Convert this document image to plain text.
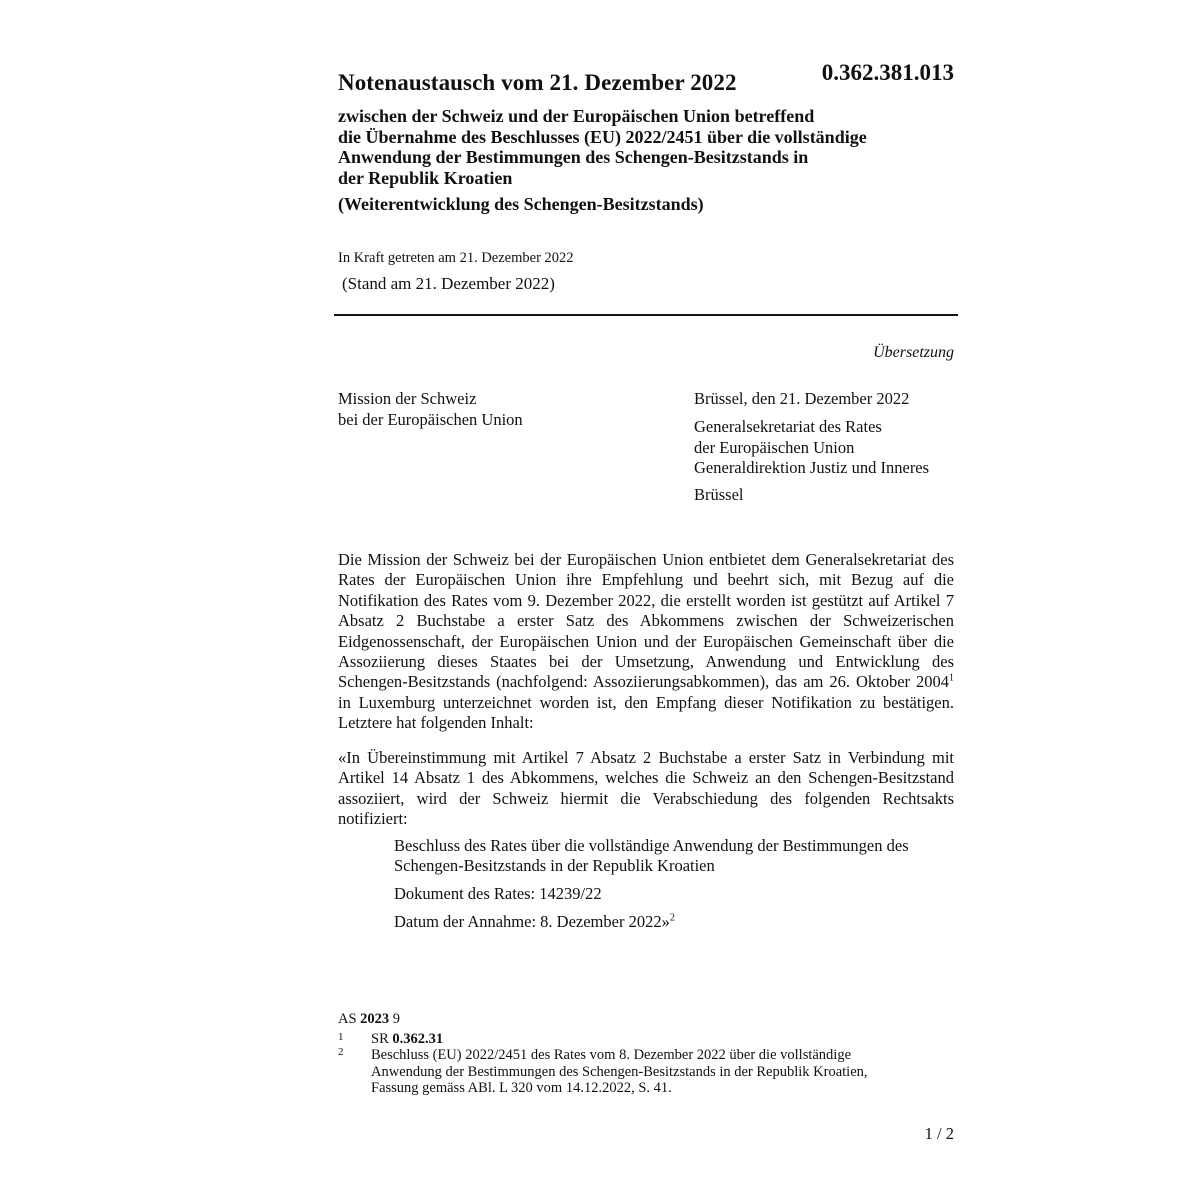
Notenaustausch vom 21. Dezember 2022	0.362.381.013
zwischen der Schweiz und der Europäischen Union betreffend
die Übernahme des Beschlusses (EU) 2022/2451 über die vollständige
Anwendung der Bestimmungen des Schengen-Besitzstands in
der Republik Kroatien
(Weiterentwicklung des Schengen-Besitzstands)
In Kraft getreten am 21. Dezember 2022
(Stand am 21. Dezember 2022)
Übersetzung
Mission der Schweiz
bei der Europäischen Union
Brüssel, den 21. Dezember 2022
Generalsekretariat des Rates
der Europäischen Union
Generaldirektion Justiz und Inneres
Brüssel
Die Mission der Schweiz bei der Europäischen Union entbietet dem Generalsekretariat des Rates der Europäischen Union ihre Empfehlung und beehrt sich, mit Bezug auf die Notifikation des Rates vom 9. Dezember 2022, die erstellt worden ist gestützt auf Artikel 7 Absatz 2 Buchstabe a erster Satz des Abkommens zwischen der Schweizerischen Eidgenossenschaft, der Europäischen Union und der Europäischen Gemeinschaft über die Assoziierung dieses Staates bei der Umsetzung, Anwendung und Entwicklung des Schengen-Besitzstands (nachfolgend: Assoziierungsabkommen), das am 26. Oktober 2004$^1$ in Luxemburg unterzeichnet worden ist, den Empfang dieser Notifikation zu bestätigen. Letztere hat folgenden Inhalt:
«In Übereinstimmung mit Artikel 7 Absatz 2 Buchstabe a erster Satz in Verbindung mit Artikel 14 Absatz 1 des Abkommens, welches die Schweiz an den Schengen-Besitzstand assoziiert, wird der Schweiz hiermit die Verabschiedung des folgenden Rechtsakts notifiziert:
Beschluss des Rates über die vollständige Anwendung der Bestimmungen des
Schengen-Besitzstands in der Republik Kroatien
Dokument des Rates: 14239/22
Datum der Annahme: 8. Dezember 2022»$^2$
AS 2023 9
1 SR 0.362.31
2 Beschluss (EU) 2022/2451 des Rates vom 8. Dezember 2022 über die vollständige
Anwendung der Bestimmungen des Schengen-Besitzstands in der Republik Kroatien,
Fassung gemäss ABl. L 320 vom 14.12.2022, S. 41.
1 / 2
